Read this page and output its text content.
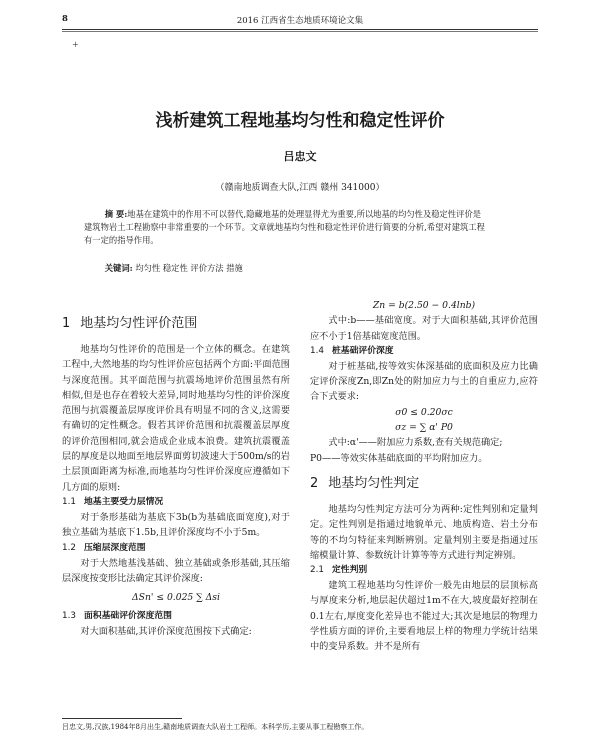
8	2016 江西省生态地质环境论文集
+
浅析建筑工程地基均匀性和稳定性评价
吕忠文
（赣南地质调查大队,江西 赣州 341000）

摘 要:地基在建筑中的作用不可以替代,隐藏地基的处理显得尤为重要,所以地基的均匀性及稳定性评价是

建筑物岩土工程勘察中非常重要的一个环节。文章就地基均匀性和稳定性评价进行简要的分析,希望对建筑工程

有一定的指导作用。

关键词: 均匀性 稳定性 评价方法 措施
1 地基均匀性评价范围

地基均匀性评价的范围是一个立体的概念。在建筑工程中,大然地基的均匀性评价应包括两个方面:平面范围与深度范围。其平面范围与抗震场地评价范围虽然有所相似,但是也存在着较大差异,同时地基均匀性的评价深度范围与抗震覆盖层厚度评价具有明显不同的含义,这需要有确切的定性概念。假若其评价范围和抗震覆盖层厚度的评价范围相同,就会造成企业成本浪费。建筑抗震覆盖层的厚度是以地面至地层界面剪切波速大于500m/s的岩土层顶面距离为标准,而地基均匀性评价深度应遵循如下几方面的原则:

1.1 地基主要受力层情况

对于条形基础为基底下3b(b为基础底面宽度),对于独立基础为基底下1.5b,且评价深度均不小于5m。

1.2 压缩层深度范围

对于大然地基浅基础、独立基础或条形基础,其压缩层深度按变形比法确定其评价深度:

ΔSn' ≤ 0.025 ∑ Δsi

1.3 面积基础评价深度范围

对大面积基础,其评价深度范围按下式确定:

Zn = b(2.50 − 0.4lnb)

式中:b——基础宽度。对于大面积基础,其评价范围应不小于1倍基础宽度范围。

1.4 桩基础评价深度

对于桩基础,按等效实体深基础的底面积及应力比确定评价深度Zn,即Zn处的附加应力与土的自重应力,应符合下式要求:

σ0 ≤ 0.20σc

σz = ∑ α' P0

式中:α'——附加应力系数,查有关规范确定;

P0——等效实体基础底面的平均附加应力。

2 地基均匀性判定

地基均匀性判定方法可分为两种:定性判别和定量判定。定性判别是指通过地貌单元、地质构造、岩土分布等的不均匀特征来判断辨别。定量判别主要是指通过压缩模量计算、参数统计计算等等方式进行判定辨别。

2.1 定性判别

建筑工程地基均匀性评价一般先由地层的层顶标高与厚度来分析,地层起伏超过1m不在大,坡度最好控制在0.1左右,厚度变化差异也不能过大;其次是地层的物理力学性质方面的评价,主要看地层上样的物理力学统计结果中的变异系数。并不是所有

吕忠文,男,汉族,1984年8月出生,赣南地质调查大队岩土工程师。本科学历,主要从事工程勘察工作。
